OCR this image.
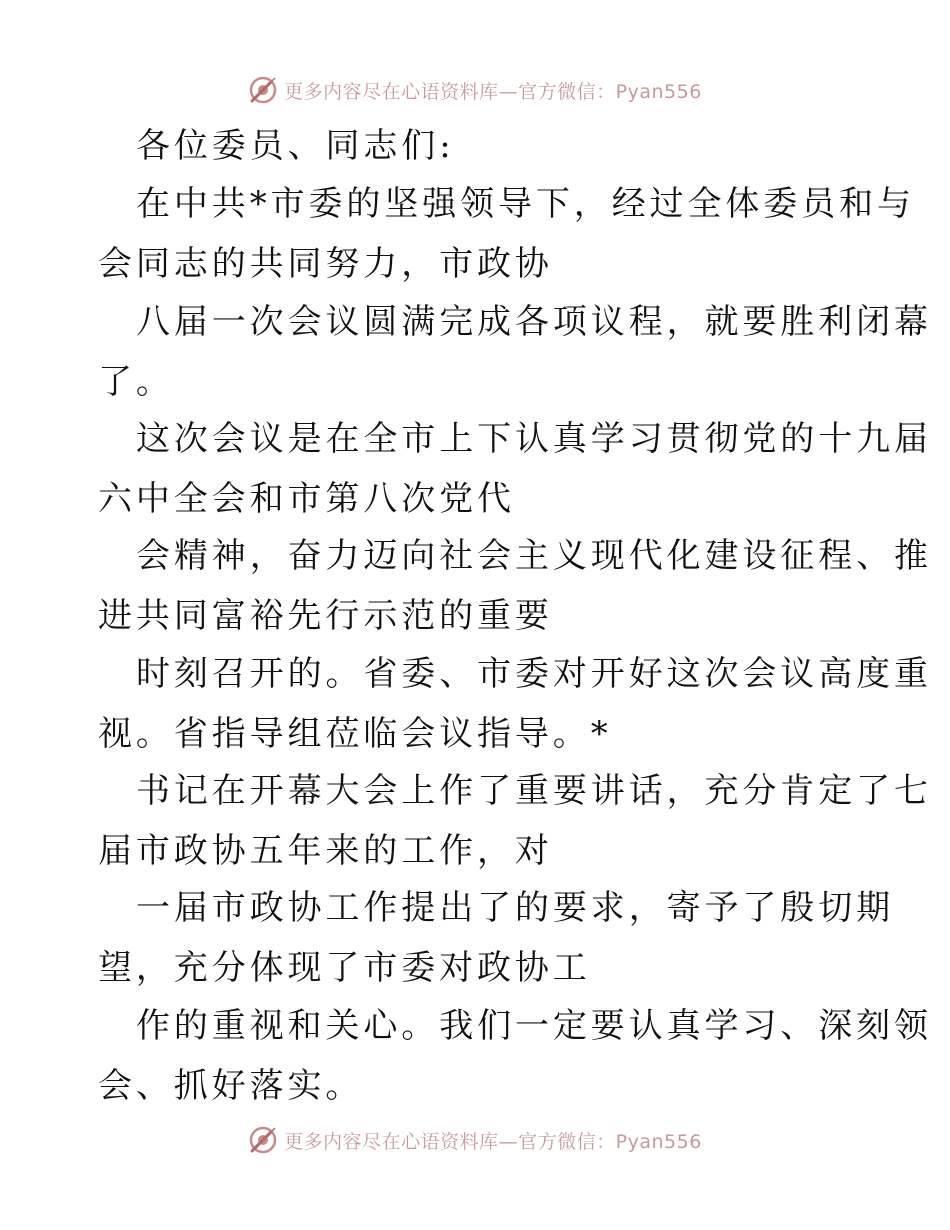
更多内容尽在心语资料库—官方微信：Pyan556
各位委员、同志们:
在中共*市委的坚强领导下，经过全体委员和与
会同志的共同努力，市政协
八届一次会议圆满完成各项议程，就要胜利闭幕
了。
这次会议是在全市上下认真学习贯彻党的十九届
六中全会和市第八次党代
会精神，奋力迈向社会主义现代化建设征程、推
进共同富裕先行示范的重要
时刻召开的。省委、市委对开好这次会议高度重
视。省指导组莅临会议指导。*
书记在开幕大会上作了重要讲话，充分肯定了七
届市政协五年来的工作，对
一届市政协工作提出了的要求，寄予了殷切期
望，充分体现了市委对政协工
作的重视和关心。我们一定要认真学习、深刻领
会、抓好落实。
更多内容尽在心语资料库—官方微信：Pyan556
